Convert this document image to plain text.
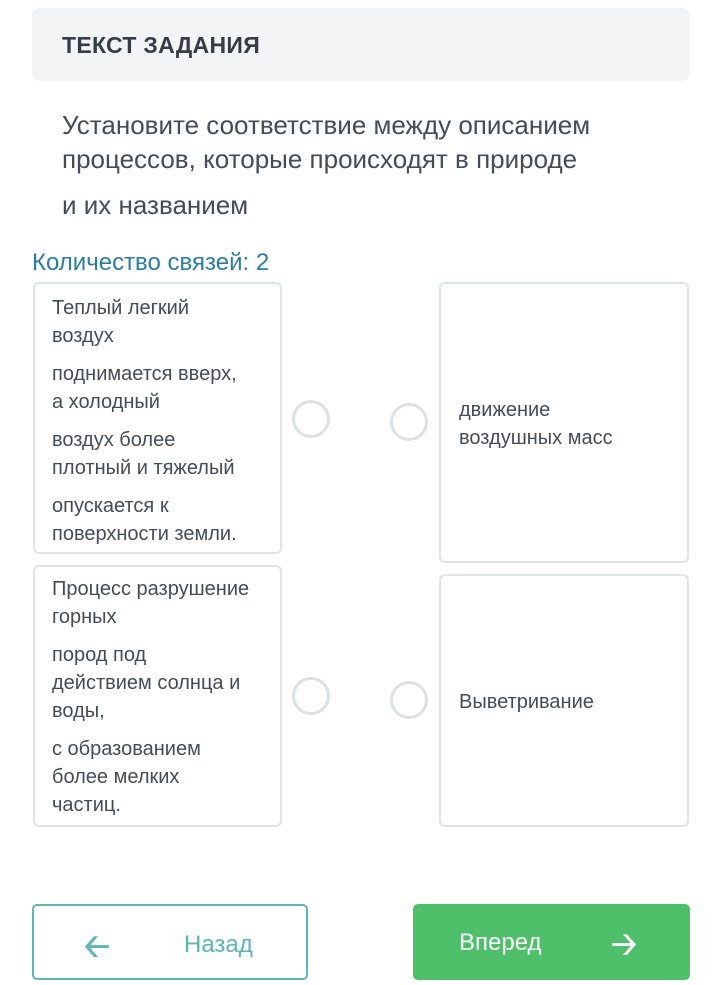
ТЕКСТ ЗАДАНИЯ
Установите соответствие между описанием
процессов, которые происходят в природе
и их названием
Количество связей: 2
Теплый легкий
воздух
поднимается вверх,
а холодный
воздух более
плотный и тяжелый
опускается к
поверхности земли.
Процесс разрушение
горных
пород под
действием солнца и
воды,
с образованием
более мелких
частиц.
движение
воздушных масс
Выветривание
🡠	Назад	Вперед 🡢
